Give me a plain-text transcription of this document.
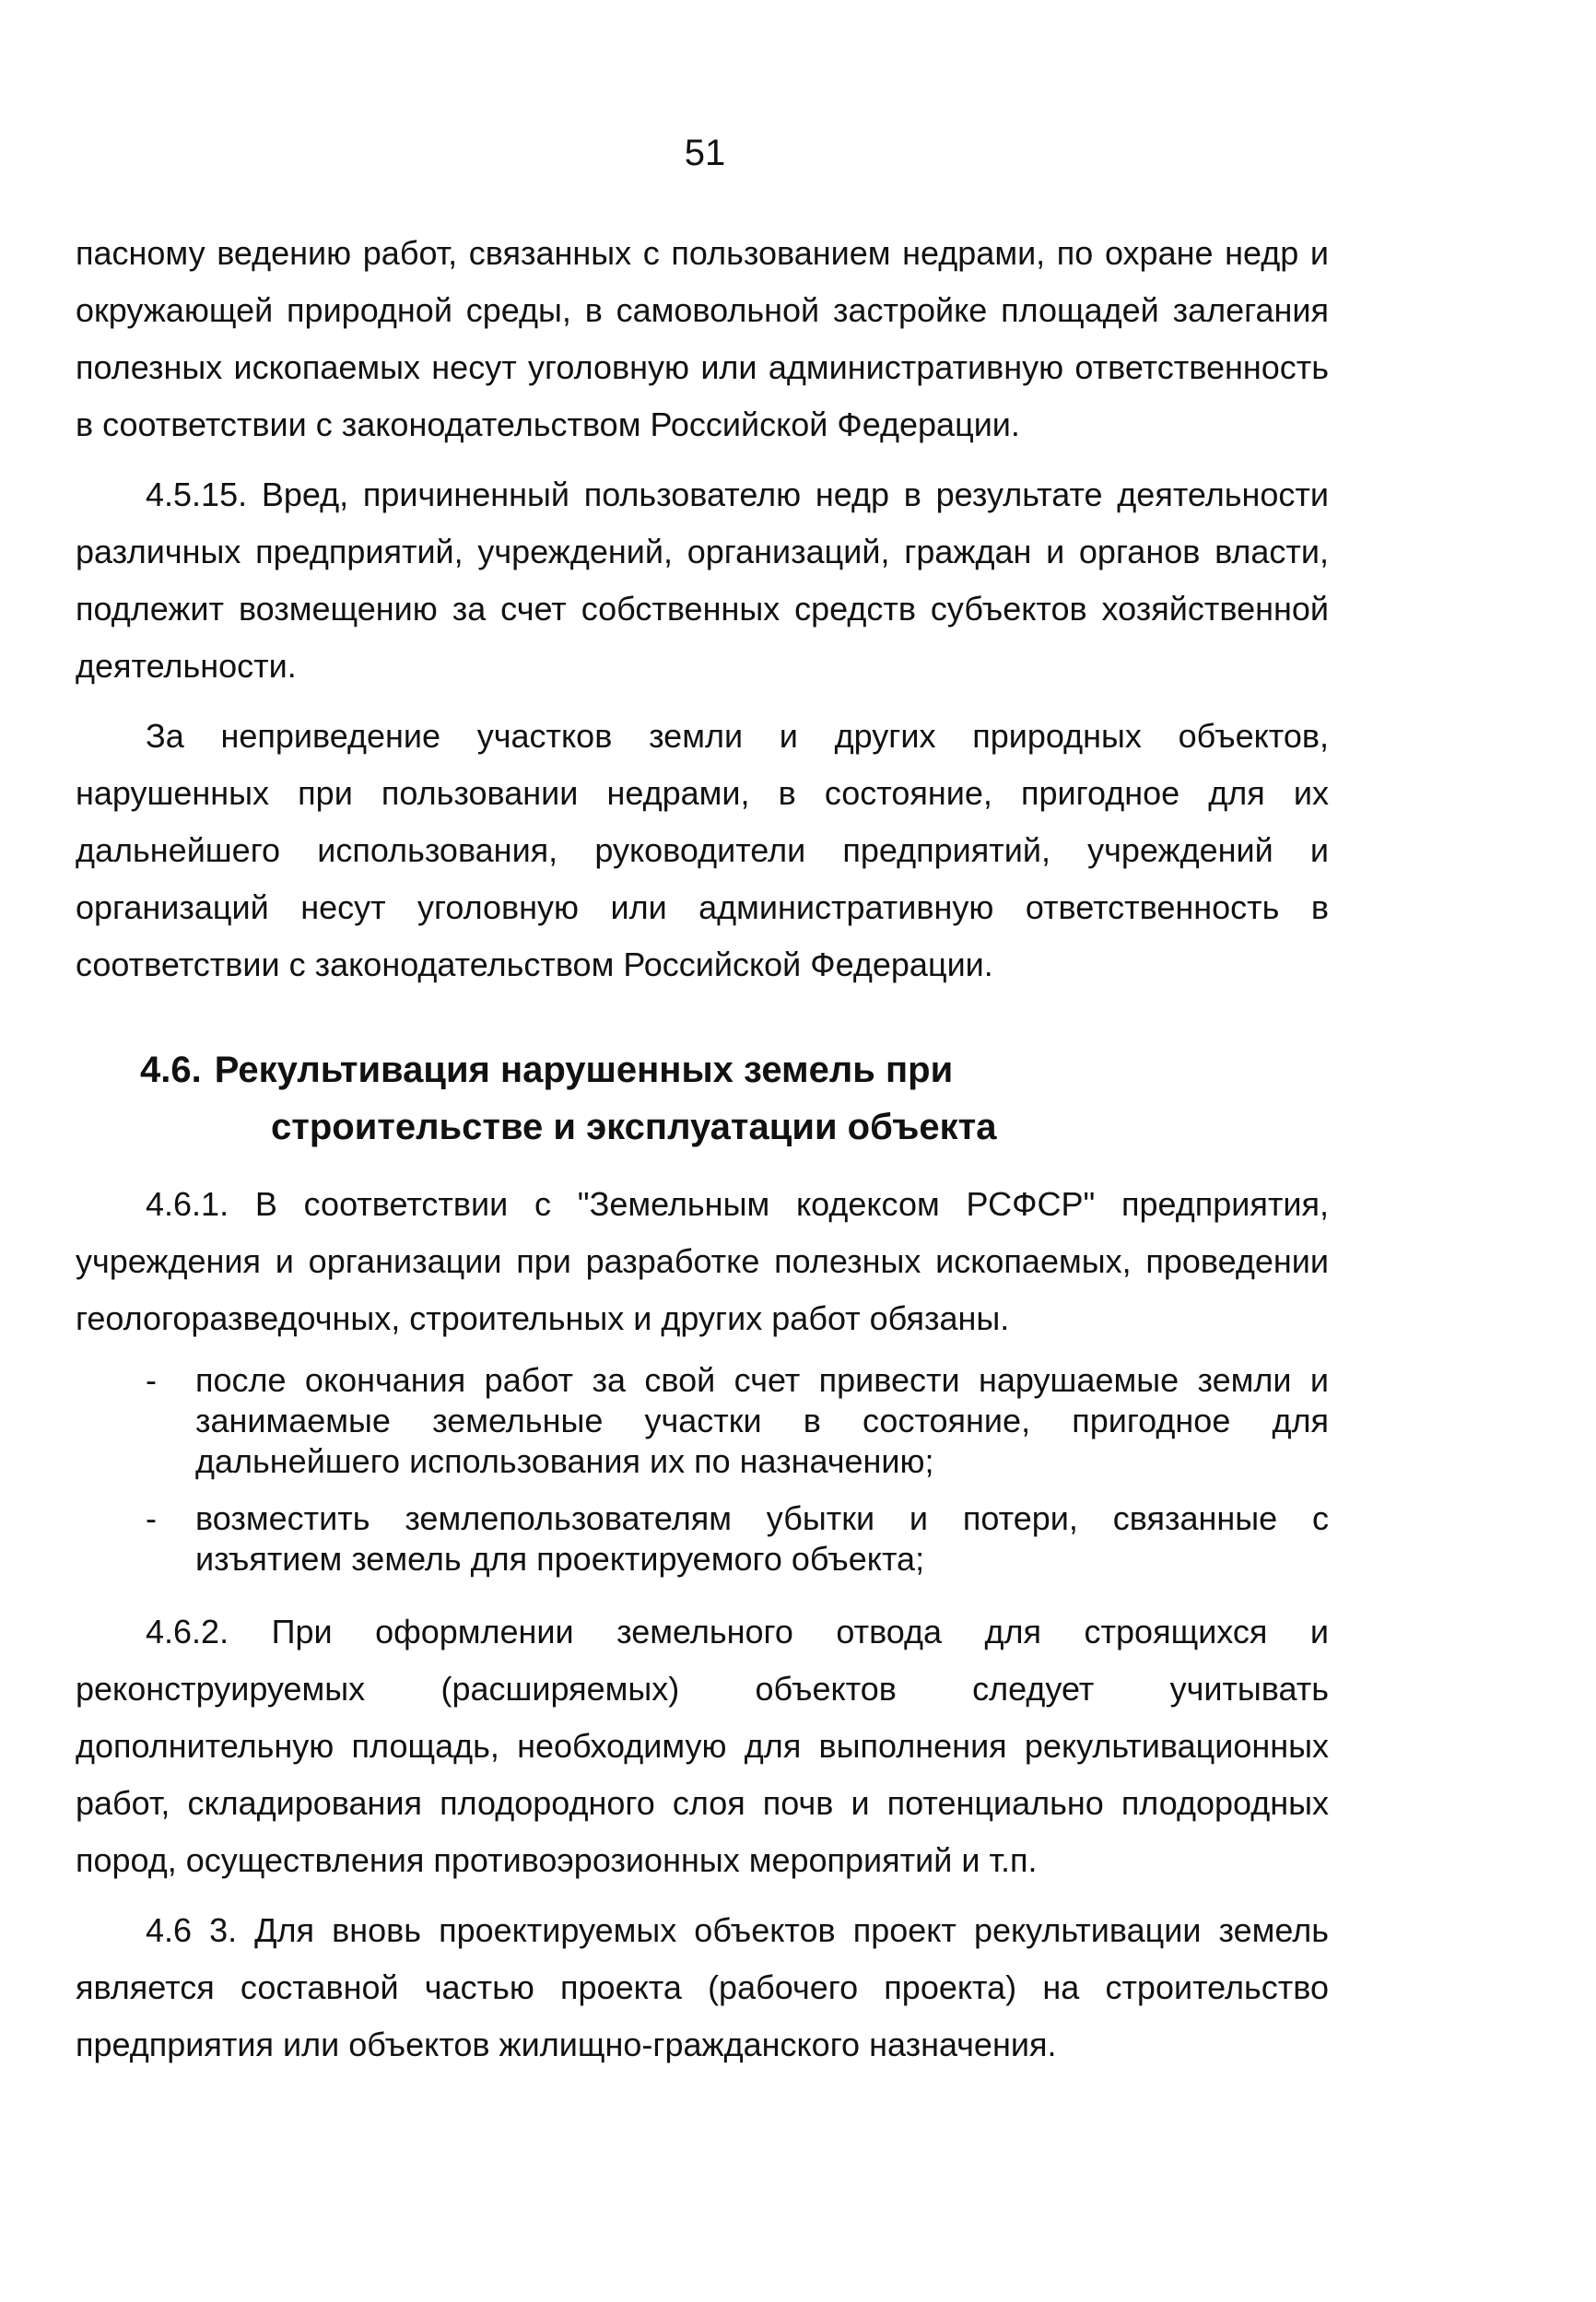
51

пасному ведению работ, связанных с пользованием недрами, по охране недр и окружающей природной среды, в самовольной застройке площадей залегания полезных ископаемых несут уголовную или административную ответственность в соответствии с законодательством Российской Федерации.

4.5.15. Вред, причиненный пользователю недр в результате деятельности различных предприятий, учреждений, организаций, граждан и органов власти, подлежит возмещению за счет собственных средств субъектов хозяйственной деятельности.

За неприведение участков земли и других природных объектов, нарушенных при пользовании недрами, в состояние, пригодное для их дальнейшего использования, руководители предприятий, учреждений и организаций несут уголовную или административную ответственность в соответствии с законодательством Российской Федерации.

4.6. Рекультивация нарушенных земель при
строительстве и эксплуатации объекта

4.6.1. В соответствии с "Земельным кодексом РСФСР" предприятия, учреждения и организации при разработке полезных ископаемых, проведении геологоразведочных, строительных и других работ обязаны.

- после окончания работ за свой счет привести нарушаемые земли и занимаемые земельные участки в состояние, пригодное для дальнейшего использования их по назначению;
- возместить землепользователям убытки и потери, связанные с изъятием земель для проектируемого объекта;

4.6.2. При оформлении земельного отвода для строящихся и реконструируемых (расширяемых) объектов следует учитывать дополнительную площадь, необходимую для выполнения рекультивационных работ, складирования плодородного слоя почв и потенциально плодородных пород, осуществления противоэрозионных мероприятий и т.п.

4.6 3. Для вновь проектируемых объектов проект рекультивации земель является составной частью проекта (рабочего проекта) на строительство предприятия или объектов жилищно-гражданского назначения.
